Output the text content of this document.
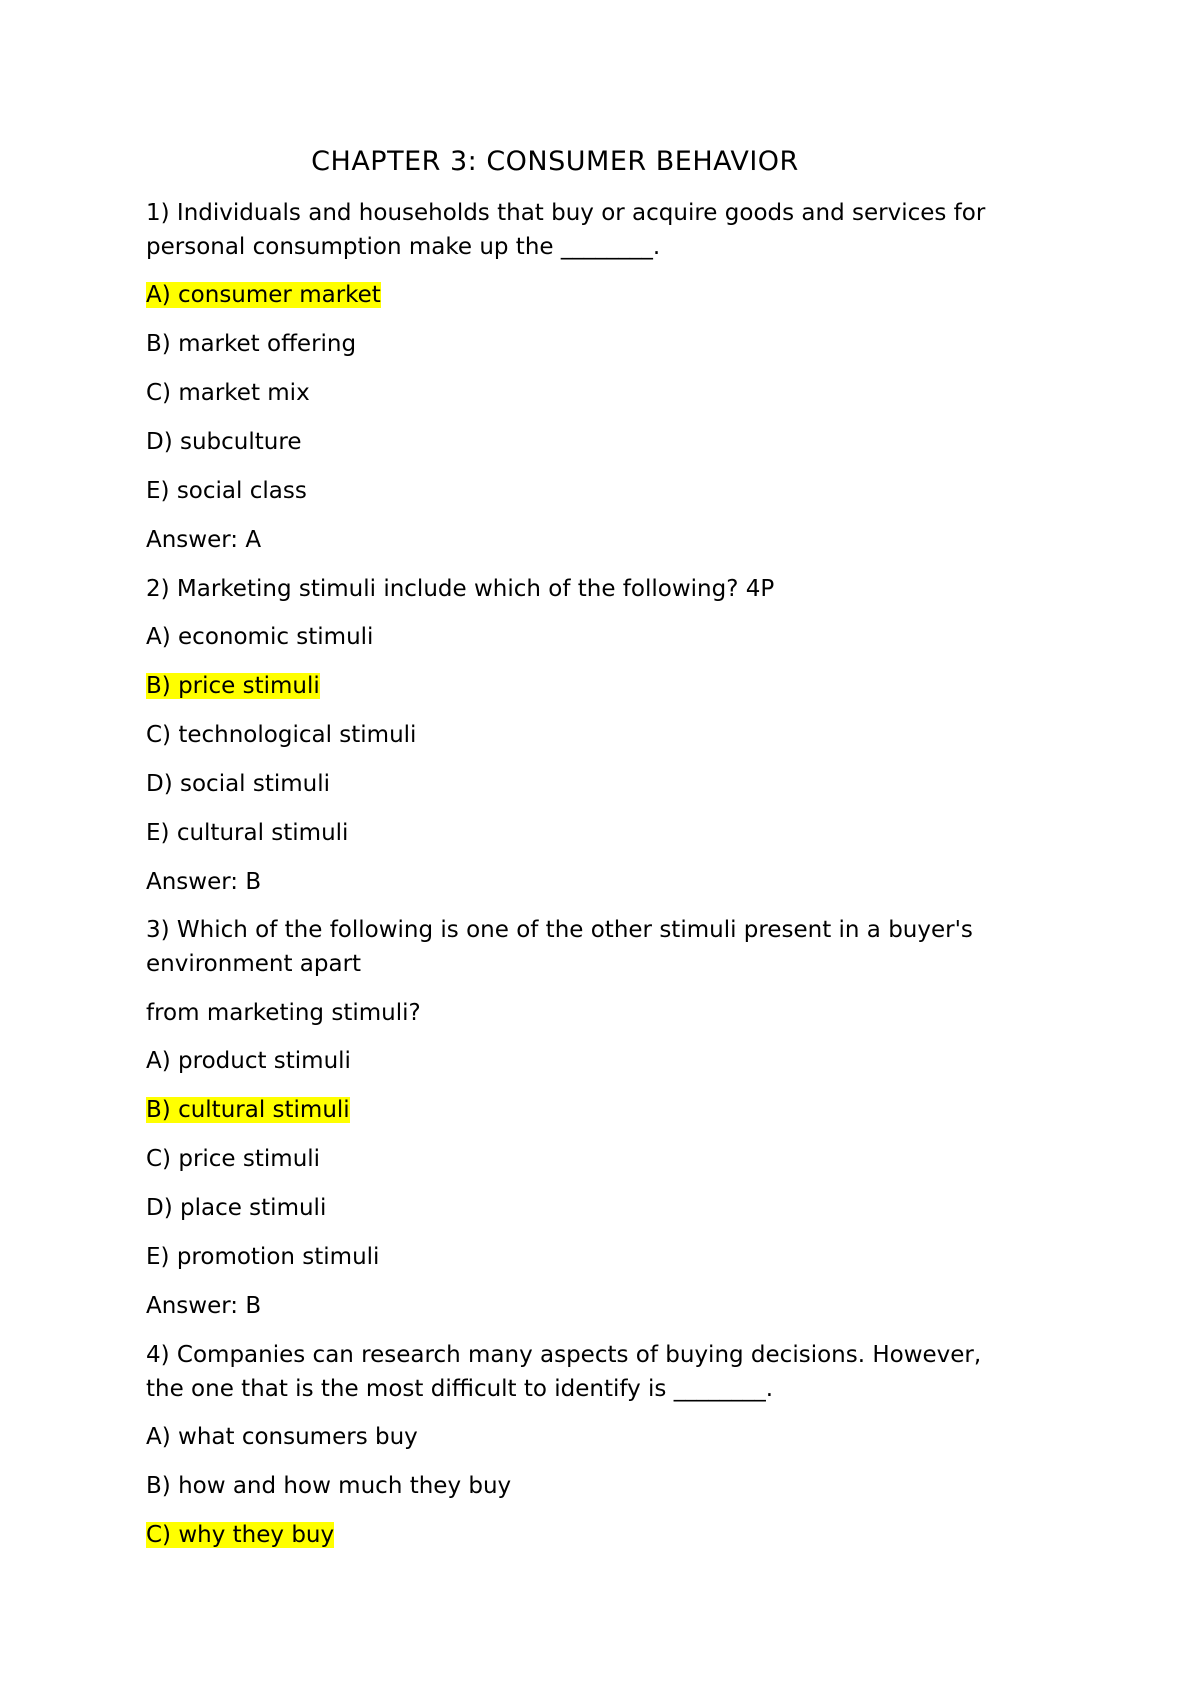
CHAPTER 3: CONSUMER BEHAVIOR

1) Individuals and households that buy or acquire goods and services for

personal consumption make up the ________.

A) consumer market

B) market offering

C) market mix

D) subculture

E) social class

Answer: A

2) Marketing stimuli include which of the following? 4P

A) economic stimuli

B) price stimuli

C) technological stimuli

D) social stimuli

E) cultural stimuli

Answer: B

3) Which of the following is one of the other stimuli present in a buyer's

environment apart

from marketing stimuli?

A) product stimuli

B) cultural stimuli

C) price stimuli

D) place stimuli

E) promotion stimuli

Answer: B

4) Companies can research many aspects of buying decisions. However,

the one that is the most difficult to identify is ________.

A) what consumers buy

B) how and how much they buy

C) why they buy
